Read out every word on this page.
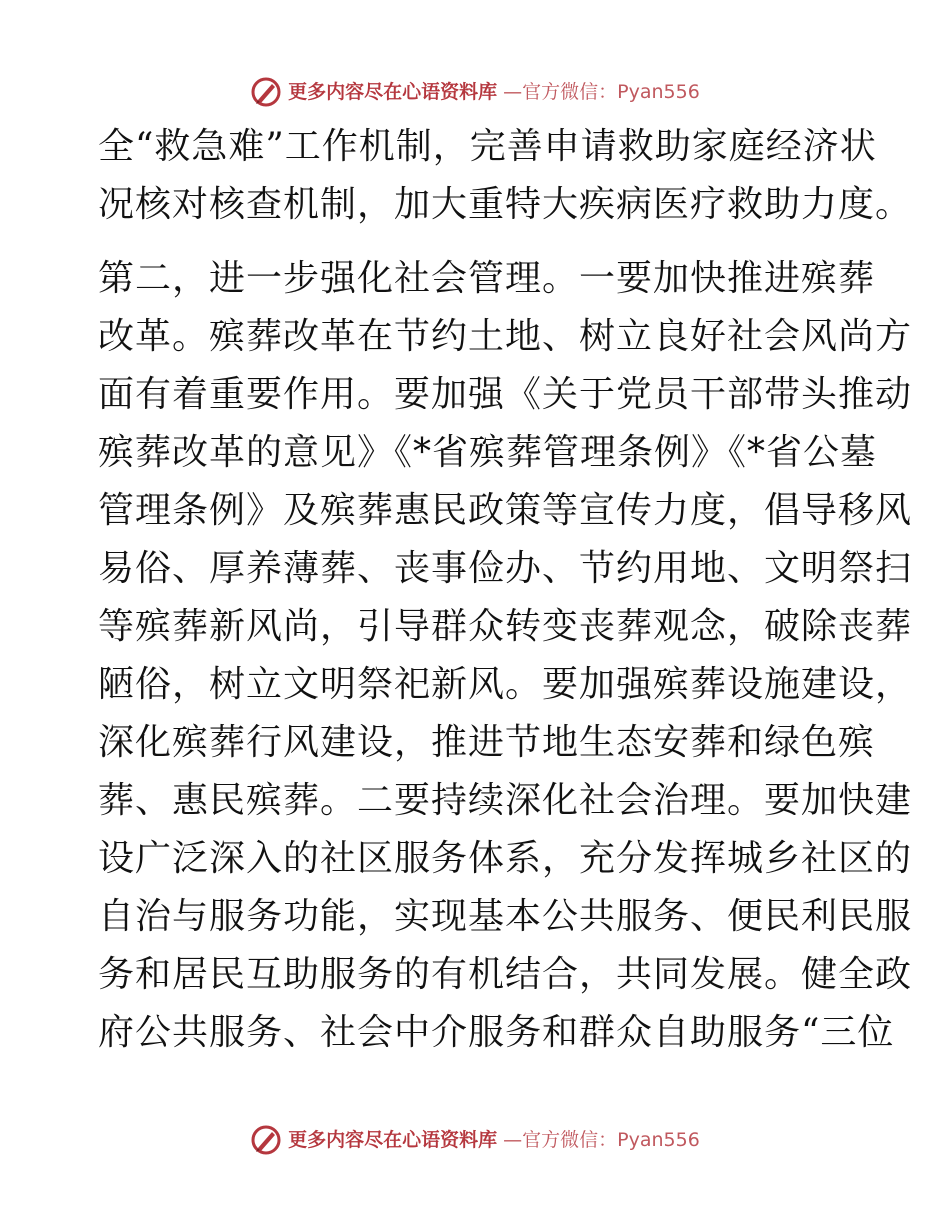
更多内容尽在心语资料库 —官方微信：Pyan556
全“救急难”工作机制，完善申请救助家庭经济状
况核对核查机制，加大重特大疾病医疗救助力度。
第二，进一步强化社会管理。一要加快推进殡葬
改革。殡葬改革在节约土地、树立良好社会风尚方
面有着重要作用。要加强《关于党员干部带头推动
殡葬改革的意见》《*省殡葬管理条例》《*省公墓
管理条例》及殡葬惠民政策等宣传力度，倡导移风
易俗、厚养薄葬、丧事俭办、节约用地、文明祭扫
等殡葬新风尚，引导群众转变丧葬观念，破除丧葬
陋俗，树立文明祭祀新风。要加强殡葬设施建设，
深化殡葬行风建设，推进节地生态安葬和绿色殡
葬、惠民殡葬。二要持续深化社会治理。要加快建
设广泛深入的社区服务体系，充分发挥城乡社区的
自治与服务功能，实现基本公共服务、便民利民服
务和居民互助服务的有机结合，共同发展。健全政
府公共服务、社会中介服务和群众自助服务“三位
更多内容尽在心语资料库 —官方微信：Pyan556
